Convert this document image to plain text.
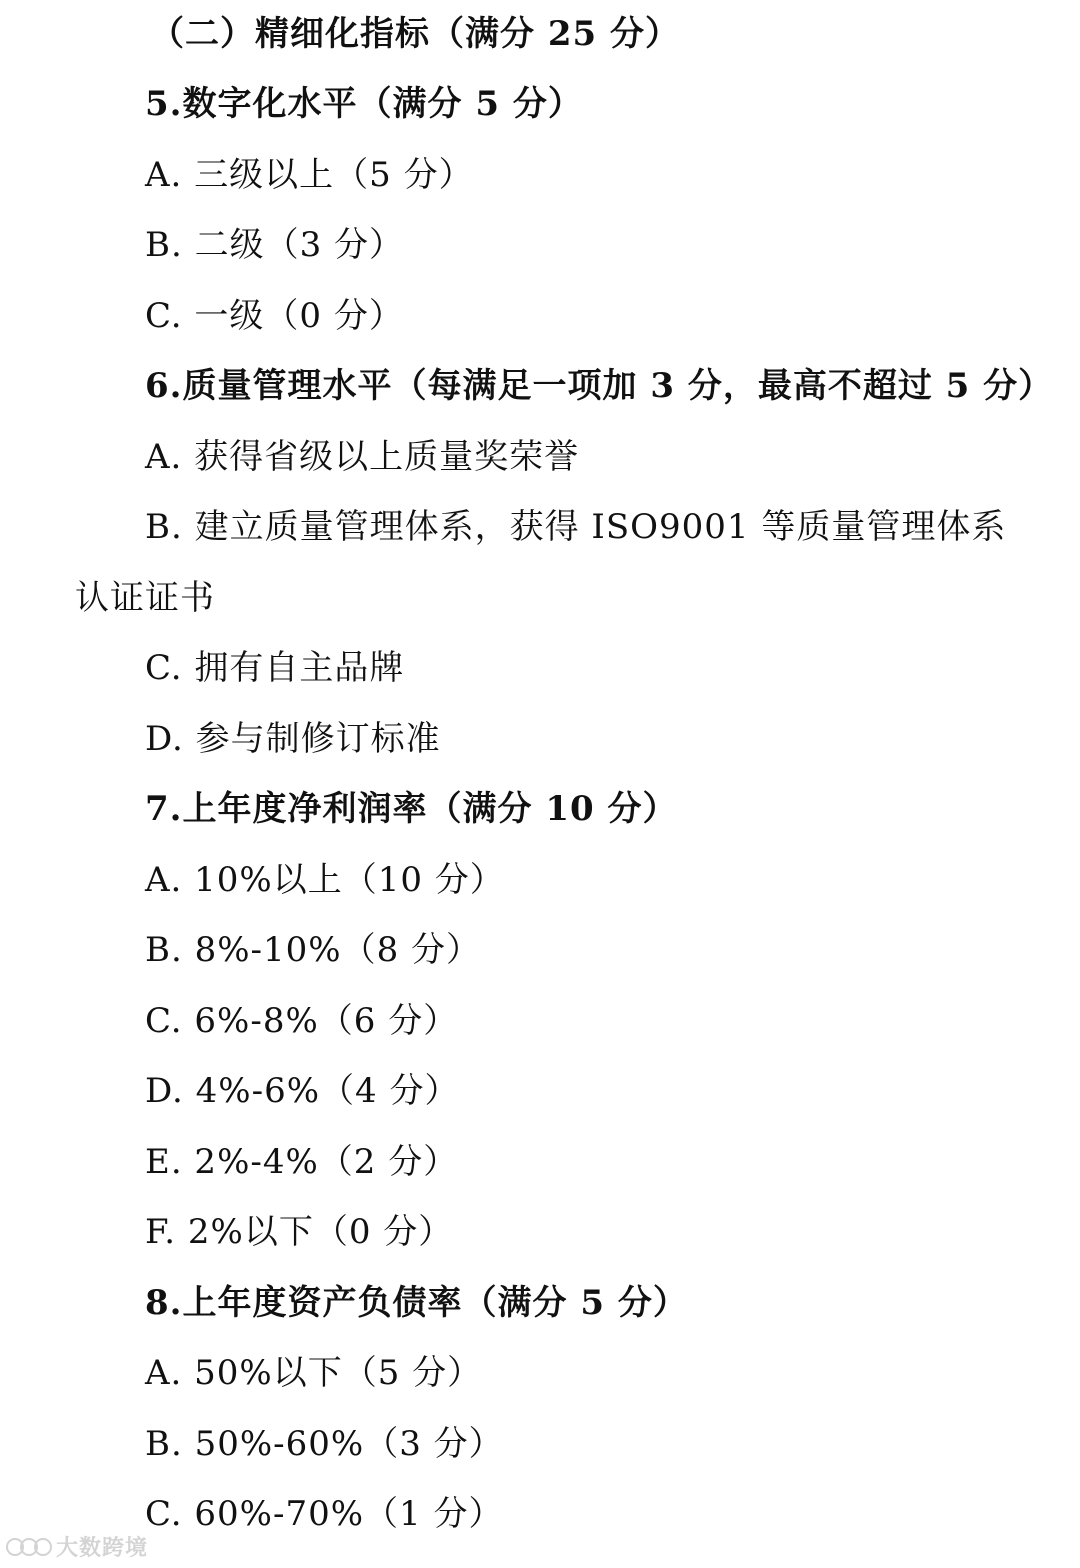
（二）精细化指标（满分 25 分）
5.数字化水平（满分 5 分）
A. 三级以上（5 分）
B. 二级（3 分）
C. 一级（0 分）
6.质量管理水平（每满足一项加 3 分，最高不超过 5 分）
A. 获得省级以上质量奖荣誉
B. 建立质量管理体系，获得 ISO9001 等质量管理体系
认证证书
C. 拥有自主品牌
D. 参与制修订标准
7.上年度净利润率（满分 10 分）
A. 10%以上（10 分）
B. 8%-10%（8 分）
C. 6%-8%（6 分）
D. 4%-6%（4 分）
E. 2%-4%（2 分）
F. 2%以下（0 分）
8.上年度资产负债率（满分 5 分）
A. 50%以下（5 分）
B. 50%-60%（3 分）
C. 60%-70%（1 分）
大数跨境
